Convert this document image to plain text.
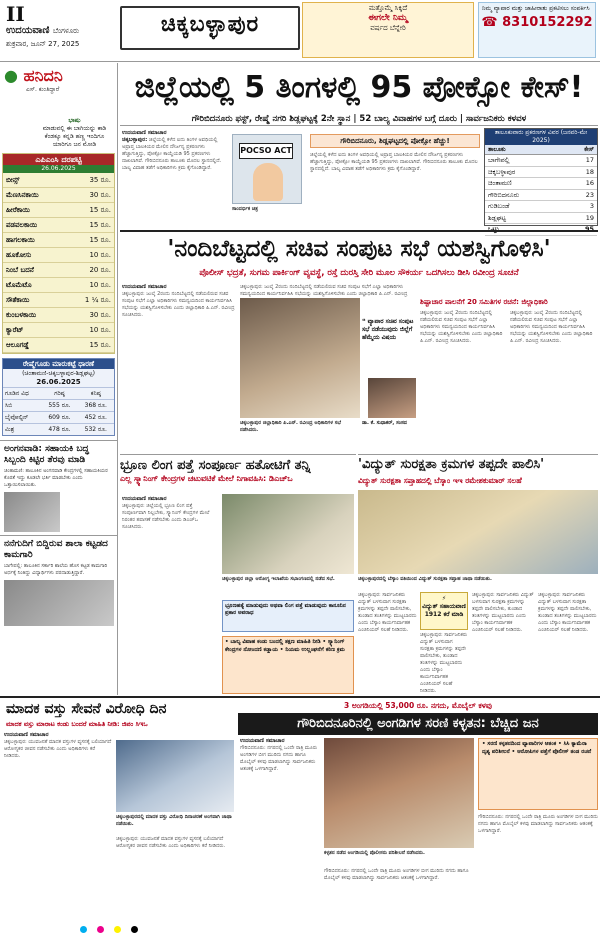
II
ಉದಯವಾಣಿ ಬೆಂಗಳೂರು
ಶುಕ್ರವಾರ, ಜೂನ್ 27, 2025
ಚಿಕ್ಕಬಳ್ಳಾಪುರ
ಮತ್ತೊಮ್ಮೆ ಸಿಕ್ಕಿದೆ
ಈಗಲೇ ನಿಮ್ಮ
ವರ್ಷದ ಬೆನ್ನೇರಿ
ನಿಮ್ಮ ವ್ಯಾಪಾರ ಮತ್ತು ಜಾಹೀರಾತು ಪ್ರಕಟಿಸಲು ಸಂಪರ್ಕಿಸಿ
☎ 8310152292
● ಹನಿದನಿ
ಎಸ್. ಕುಂತಿದ್ದಾರೆ
ಭಾಷು
ಮಾಡುವಲ್ಲಿ ಈ ಬಾಗಿಯನ್ನು ಕಾಡಿ ಕೆಂಡಕ್ಕೂ ಕನ್ನಡಿ ಹಣ್ಣ ಇಂದಿಗೂ ಯಾರಿಗೂ ಜನ ಮೋಡಿ
ಎಪಿಎಂಸಿ ದರಪಟ್ಟಿ
26.06.2025
ಬೀನ್ಸ್	35 ರೂ.
ಮೆಣಸಿನಕಾಯಿ	30 ರೂ.
ಹೀರೆಕಾಯಿ	15 ರೂ.
ಪಡವಲಕಾಯಿ	15 ರೂ.
ಹಾಗಲಕಾಯಿ	15 ರೂ.
ಹೂಕೋಸು	10 ರೂ.
ನಿಂಬೆ ಬದನೆ	20 ರೂ.
ಟೊಮೆಟೊ	10 ರೂ.
ಸೌತೆಕಾಯಿ	1 ¼ ರೂ.
ಕುಂಬಳಕಾಯಿ	30 ರೂ.
ಕ್ಯಾರೆಟ್	10 ರೂ.
ಆಲೂಗಡ್ಡೆ	15 ರೂ.
ರೇಷ್ಮೆಗೂಡು ಮಾರುಕಟ್ಟೆ ಧಾರಣೆ
(ಚಿಂತಾಮಣಿ-ಚಿಕ್ಕಬಳ್ಳಾಪುರ-ಶಿಡ್ಲಘಟ್ಟ)
26.06.2025
ಗೂಡಿನ ವಿಧ	ಗರಿಷ್ಠ	ಕನಿಷ್ಠ
ಸಿಬಿ	555 ರೂ.	368 ರೂ.
ಬೈವೋಲ್ಟಿನ್	609 ರೂ.	452 ರೂ.
ಮಿಶ್ರ	478 ರೂ.	532 ರೂ.
ಅಂಗನವಾಡಿ: ಸಹಾಯಕಿ ಬದ್ಧ ಸಿಬ್ಬಂದಿ ಕಿಟ್ಟಿರ ತೆರವು ಮಾಡಿ
ಚಿಂತಾಮಣಿ: ತಾಲೂಕಿನ ಅಂಗನವಾಡಿ ಕೇಂದ್ರಗಳಲ್ಲಿ ಸಹಾಯಕಿಯರ ಕೊರತೆ ಇದ್ದು ಕೂಡಲೇ ಭರ್ತಿ ಮಾಡಬೇಕು ಎಂದು ಒತ್ತಾಯಿಸಲಾಯಿತು.
ನನೆಗುದಿಗೆ ಬಿದ್ದಿರುವ ಶಾಲಾ ಕಟ್ಟಡದ ಕಾಮಗಾರಿ
ಬಾಗೇಪಲ್ಲಿ: ತಾಲೂಕಿನ ಸರ್ಕಾರಿ ಶಾಲೆಯ ಹೊಸ ಕಟ್ಟಡ ಕಾಮಗಾರಿ ಅರ್ಧಕ್ಕೆ ನಿಂತಿದ್ದು ವಿದ್ಯಾರ್ಥಿಗಳು ಪರದಾಡುತ್ತಿದ್ದಾರೆ.
ಜಿಲ್ಲೆಯಲ್ಲಿ 5 ತಿಂಗಳಲ್ಲಿ 95 ಪೋಕ್ಸೋ ಕೇಸ್!
ಗೌರಿಬಿದನೂರು ಫಸ್ಟ್, ರೇಷ್ಮೆ ನಗರಿ ಶಿಡ್ಲಘಟ್ಟಕ್ಕೆ 2ನೇ ಸ್ಥಾನ | 52 ಬಾಲ್ಯ ವಿವಾಹಗಳ ಬಗ್ಗೆ ದೂರು | ಸಾರ್ವಜನಿಕರು ಕಳವಳ
ಉದಯವಾಣಿ ಸಮಾಚಾರ
ಚಿಕ್ಕಬಳ್ಳಾಪುರ: ಜಿಲ್ಲೆಯಲ್ಲಿ ಕಳೆದ ಐದು ತಿಂಗಳ ಅವಧಿಯಲ್ಲಿ ಅಪ್ರಾಪ್ತ ಬಾಲಕಿಯರ ಮೇಲಿನ ದೌರ್ಜನ್ಯ ಪ್ರಕರಣಗಳು ಹೆಚ್ಚಾಗುತ್ತಿದ್ದು, ಪೋಕ್ಸೋ ಕಾಯ್ದೆಯಡಿ 95 ಪ್ರಕರಣಗಳು ದಾಖಲಾಗಿವೆ. ಗೌರಿಬಿದನೂರು ತಾಲೂಕು ಮೊದಲ ಸ್ಥಾನದಲ್ಲಿದೆ. ಬಾಲ್ಯ ವಿವಾಹ ತಡೆಗೆ ಅಧಿಕಾರಿಗಳು ಕ್ರಮ ಕೈಗೊಂಡಿದ್ದಾರೆ.
POCSO ACT
ಸಾಂದರ್ಭಿಕ ಚಿತ್ರ
ಗೌರಿಬಿದನೂರು, ಶಿಡ್ಲಘಟ್ಟದಲ್ಲಿ ಪೋಕ್ಸೋ ಹೆಚ್ಚು!
ಜಿಲ್ಲೆಯಲ್ಲಿ ಕಳೆದ ಐದು ತಿಂಗಳ ಅವಧಿಯಲ್ಲಿ ಅಪ್ರಾಪ್ತ ಬಾಲಕಿಯರ ಮೇಲಿನ ದೌರ್ಜನ್ಯ ಪ್ರಕರಣಗಳು ಹೆಚ್ಚಾಗುತ್ತಿದ್ದು, ಪೋಕ್ಸೋ ಕಾಯ್ದೆಯಡಿ 95 ಪ್ರಕರಣಗಳು ದಾಖಲಾಗಿವೆ. ಗೌರಿಬಿದನೂರು ತಾಲೂಕು ಮೊದಲ ಸ್ಥಾನದಲ್ಲಿದೆ. ಬಾಲ್ಯ ವಿವಾಹ ತಡೆಗೆ ಅಧಿಕಾರಿಗಳು ಕ್ರಮ ಕೈಗೊಂಡಿದ್ದಾರೆ.
ತಾಲೂಕುವಾರು ಪ್ರಕರಣಗಳ ವಿವರ (ಜನವರಿ-ಮೇ 2025)
ತಾಲೂಕು	ಕೇಸ್
ಬಾಗೇಪಲ್ಲಿ	17
ಚಿಕ್ಕಬಳ್ಳಾಪುರ	18
ಚಿಂತಾಮಣಿ	16
ಗೌರಿಬಿದನೂರು	23
ಗುಡಿಬಂಡೆ	3
ಶಿಡ್ಲಘಟ್ಟ	19
ಒಟ್ಟು	95
'ನಂದಿಬೆಟ್ಟದಲ್ಲಿ ಸಚಿವ ಸಂಪುಟ ಸಭೆ ಯಶಸ್ವಿಗೊಳಿಸಿ'
ಪೊಲೀಸ್ ಭದ್ರತೆ, ಸುಗಮ ಪಾರ್ಕಿಂಗ್ ವ್ಯವಸ್ಥೆ, ರಸ್ತೆ ದುರಸ್ತಿ ಸೇರಿ ಮೂಲ ಸೌಕರ್ಯ ಒದಗಿಸಲು ಡೀಸಿ ರವೀಂದ್ರ ಸೂಚನೆ
ಉದಯವಾಣಿ ಸಮಾಚಾರ
ಚಿಕ್ಕಬಳ್ಳಾಪುರ: ಜುಲೈ 2ರಂದು ನಂದಿಬೆಟ್ಟದಲ್ಲಿ ನಡೆಯಲಿರುವ ಸಚಿವ ಸಂಪುಟ ಸಭೆಗೆ ಎಲ್ಲಾ ಅಧಿಕಾರಿಗಳು ಸಮನ್ವಯದಿಂದ ಕಾರ್ಯನಿರ್ವಹಿಸಿ ಸಭೆಯನ್ನು ಯಶಸ್ವಿಗೊಳಿಸಬೇಕು ಎಂದು ಜಿಲ್ಲಾಧಿಕಾರಿ ಪಿ.ಎನ್. ರವೀಂದ್ರ ಸೂಚಿಸಿದರು.
ಚಿಕ್ಕಬಳ್ಳಾಪುರ: ಜುಲೈ 2ರಂದು ನಂದಿಬೆಟ್ಟದಲ್ಲಿ ನಡೆಯಲಿರುವ ಸಚಿವ ಸಂಪುಟ ಸಭೆಗೆ ಎಲ್ಲಾ ಅಧಿಕಾರಿಗಳು ಸಮನ್ವಯದಿಂದ ಕಾರ್ಯನಿರ್ವಹಿಸಿ ಸಭೆಯನ್ನು ಯಶಸ್ವಿಗೊಳಿಸಬೇಕು ಎಂದು ಜಿಲ್ಲಾಧಿಕಾರಿ ಪಿ.ಎನ್. ರವೀಂದ್ರ
ಚಿಕ್ಕಬಳ್ಳಾಪುರ ಜಿಲ್ಲಾಧಿಕಾರಿ ಪಿ.ಎನ್. ರವೀಂದ್ರ ಅಧಿಕಾರಿಗಳ ಸಭೆ ನಡೆಸಿದರು.
❝ ವ್ಯಾಪಾರ ಸಚಿವ ಸಂಪುಟ ಸಭೆ ನಡೆಯುವುದು ಜಿಲ್ಲೆಗೆ ಹೆಮ್ಮೆಯ ವಿಷಯ
ಡಾ. ಕೆ. ಸುಧಾಕರ್, ಸಂಸದ
ಶಿಷ್ಟಾಚಾರ ಪಾಲನೆಗೆ 20 ಸಮಿತಿಗಳ ರಚನೆ: ಜಿಲ್ಲಾಧಿಕಾರಿ
ಚಿಕ್ಕಬಳ್ಳಾಪುರ: ಜುಲೈ 2ರಂದು ನಂದಿಬೆಟ್ಟದಲ್ಲಿ ನಡೆಯಲಿರುವ ಸಚಿವ ಸಂಪುಟ ಸಭೆಗೆ ಎಲ್ಲಾ ಅಧಿಕಾರಿಗಳು ಸಮನ್ವಯದಿಂದ ಕಾರ್ಯನಿರ್ವಹಿಸಿ ಸಭೆಯನ್ನು ಯಶಸ್ವಿಗೊಳಿಸಬೇಕು ಎಂದು ಜಿಲ್ಲಾಧಿಕಾರಿ ಪಿ.ಎನ್. ರವೀಂದ್ರ ಸೂಚಿಸಿದರು.
ಚಿಕ್ಕಬಳ್ಳಾಪುರ: ಜುಲೈ 2ರಂದು ನಂದಿಬೆಟ್ಟದಲ್ಲಿ ನಡೆಯಲಿರುವ ಸಚಿವ ಸಂಪುಟ ಸಭೆಗೆ ಎಲ್ಲಾ ಅಧಿಕಾರಿಗಳು ಸಮನ್ವಯದಿಂದ ಕಾರ್ಯನಿರ್ವಹಿಸಿ ಸಭೆಯನ್ನು ಯಶಸ್ವಿಗೊಳಿಸಬೇಕು ಎಂದು ಜಿಲ್ಲಾಧಿಕಾರಿ ಪಿ.ಎನ್. ರವೀಂದ್ರ ಸೂಚಿಸಿದರು.
ಭ್ರೂಣ ಲಿಂಗ ಪತ್ತೆ ಸಂಪೂರ್ಣ ಹತೋಟಿಗೆ ತನ್ನಿ
ಎಲ್ಲ ಸ್ಕ್ಯಾನಿಂಗ್ ಕೇಂದ್ರಗಳ ಚಟುವಟಿಕೆ ಮೇಲೆ ನಿಗಾವಹಿಸಿ: ಡಿಎಚ್ಒ
ಉದಯವಾಣಿ ಸಮಾಚಾರ
ಚಿಕ್ಕಬಳ್ಳಾಪುರ: ಜಿಲ್ಲೆಯಲ್ಲಿ ಭ್ರೂಣ ಲಿಂಗ ಪತ್ತೆ ಸಂಪೂರ್ಣವಾಗಿ ನಿಲ್ಲಬೇಕು, ಸ್ಕ್ಯಾನಿಂಗ್ ಕೇಂದ್ರಗಳ ಮೇಲೆ ನಿರಂತರ ತಪಾಸಣೆ ನಡೆಸಬೇಕು ಎಂದು ಡಿಎಚ್ಒ ಸೂಚಿಸಿದರು.
ಚಿಕ್ಕಬಳ್ಳಾಪುರ ಜಿಲ್ಲಾ ಆರೋಗ್ಯ ಇಲಾಖೆಯ ಸಭಾಂಗಣದಲ್ಲಿ ನಡೆದ ಸಭೆ.
ಭ್ರೂಣಹತ್ಯೆ ಮಾಡುವುದು ಅಥವಾ ಲಿಂಗ ಪತ್ತೆ ಮಾಡುವುದು ಕಾನೂನಿನ ಪ್ರಕಾರ ಅಪರಾಧ
• ಬಾಲ್ಯ ವಿವಾಹ ಕಂಡು ಬಂದಲ್ಲಿ ತಕ್ಷಣ ಮಾಹಿತಿ ನೀಡಿ • ಸ್ಕ್ಯಾನಿಂಗ್ ಕೇಂದ್ರಗಳ ನೋಂದಣಿ ಕಡ್ಡಾಯ • ನಿಯಮ ಉಲ್ಲಂಘನೆಗೆ ಕಠಿಣ ಕ್ರಮ
'ವಿದ್ಯುತ್ ಸುರಕ್ಷತಾ ಕ್ರಮಗಳ ತಪ್ಪದೇ ಪಾಲಿಸಿ'
ವಿದ್ಯುತ್ ಸುರಕ್ಷತಾ ಸಪ್ತಾಹದಲ್ಲಿ ಬೆಸ್ಕಾಂ ಇಇ ರಮೇಶಕುಮಾರ್ ಸಲಹೆ
ಚಿಕ್ಕಬಳ್ಳಾಪುರದಲ್ಲಿ ಬೆಸ್ಕಾಂ ವತಿಯಿಂದ ವಿದ್ಯುತ್ ಸುರಕ್ಷತಾ ಸಪ್ತಾಹ ಜಾಥಾ ನಡೆಯಿತು.
ಚಿಕ್ಕಬಳ್ಳಾಪುರ: ಸಾರ್ವಜನಿಕರು ವಿದ್ಯುತ್ ಬಳಸುವಾಗ ಸುರಕ್ಷತಾ ಕ್ರಮಗಳನ್ನು ತಪ್ಪದೇ ಪಾಲಿಸಬೇಕು, ತುಂಡಾದ ತಂತಿಗಳನ್ನು ಮುಟ್ಟಬಾರದು ಎಂದು ಬೆಸ್ಕಾಂ ಕಾರ್ಯನಿರ್ವಾಹಕ ಎಂಜಿನಿಯರ್ ಸಲಹೆ ನೀಡಿದರು.
⚡
ವಿದ್ಯುತ್ ಸಹಾಯವಾಣಿ 1912 ಕರೆ ಮಾಡಿ
ಚಿಕ್ಕಬಳ್ಳಾಪುರ: ಸಾರ್ವಜನಿಕರು ವಿದ್ಯುತ್ ಬಳಸುವಾಗ ಸುರಕ್ಷತಾ ಕ್ರಮಗಳನ್ನು ತಪ್ಪದೇ ಪಾಲಿಸಬೇಕು, ತುಂಡಾದ ತಂತಿಗಳನ್ನು ಮುಟ್ಟಬಾರದು ಎಂದು ಬೆಸ್ಕಾಂ ಕಾರ್ಯನಿರ್ವಾಹಕ ಎಂಜಿನಿಯರ್ ಸಲಹೆ ನೀಡಿದರು.
ಚಿಕ್ಕಬಳ್ಳಾಪುರ: ಸಾರ್ವಜನಿಕರು ವಿದ್ಯುತ್ ಬಳಸುವಾಗ ಸುರಕ್ಷತಾ ಕ್ರಮಗಳನ್ನು ತಪ್ಪದೇ ಪಾಲಿಸಬೇಕು, ತುಂಡಾದ ತಂತಿಗಳನ್ನು ಮುಟ್ಟಬಾರದು ಎಂದು ಬೆಸ್ಕಾಂ ಕಾರ್ಯನಿರ್ವಾಹಕ ಎಂಜಿನಿಯರ್ ಸಲಹೆ ನೀಡಿದರು.
ಚಿಕ್ಕಬಳ್ಳಾಪುರ: ಸಾರ್ವಜನಿಕರು ವಿದ್ಯುತ್ ಬಳಸುವಾಗ ಸುರಕ್ಷತಾ ಕ್ರಮಗಳನ್ನು ತಪ್ಪದೇ ಪಾಲಿಸಬೇಕು, ತುಂಡಾದ ತಂತಿಗಳನ್ನು ಮುಟ್ಟಬಾರದು ಎಂದು ಬೆಸ್ಕಾಂ ಕಾರ್ಯನಿರ್ವಾಹಕ ಎಂಜಿನಿಯರ್ ಸಲಹೆ ನೀಡಿದರು.
ಮಾದಕ ವಸ್ತು ಸೇವನೆ ವಿರೋಧಿ ದಿನ
ಮಾದಕ ವಸ್ತು ಮಾರಾಟ ಕಂಡು ಬಂದರೆ ಮಾಹಿತಿ ನೀಡಿ: ಜಿಪಂ ಸಿಇಒ
ಉದಯವಾಣಿ ಸಮಾಚಾರ
ಚಿಕ್ಕಬಳ್ಳಾಪುರ: ಯುವಜನತೆ ಮಾದಕ ವಸ್ತುಗಳ ವ್ಯಸನಕ್ಕೆ ಬಲಿಯಾಗದೆ ಆರೋಗ್ಯಕರ ಜೀವನ ನಡೆಸಬೇಕು ಎಂದು ಅಧಿಕಾರಿಗಳು ಕರೆ ನೀಡಿದರು.
ಚಿಕ್ಕಬಳ್ಳಾಪುರದಲ್ಲಿ ಮಾದಕ ವಸ್ತು ವಿರೋಧಿ ದಿನಾಚರಣೆ ಅಂಗವಾಗಿ ಜಾಥಾ ನಡೆಯಿತು.
ಚಿಕ್ಕಬಳ್ಳಾಪುರ: ಯುವಜನತೆ ಮಾದಕ ವಸ್ತುಗಳ ವ್ಯಸನಕ್ಕೆ ಬಲಿಯಾಗದೆ ಆರೋಗ್ಯಕರ ಜೀವನ ನಡೆಸಬೇಕು ಎಂದು ಅಧಿಕಾರಿಗಳು ಕರೆ ನೀಡಿದರು.
3 ಅಂಗಡಿಯಲ್ಲಿ 53,000 ರೂ. ನಗದು, ಮೊಬೈಲ್ ಕಳವು
ಗೌರಿಬಿದನೂರಿನಲ್ಲಿ ಅಂಗಡಿಗಳ ಸರಣಿ ಕಳ್ಳತನ: ಬೆಚ್ಚಿದ ಜನ
ಉದಯವಾಣಿ ಸಮಾಚಾರ
ಗೌರಿಬಿದನೂರು: ನಗರದಲ್ಲಿ ಒಂದೇ ರಾತ್ರಿ ಮೂರು ಅಂಗಡಿಗಳ ಬೀಗ ಮುರಿದು ನಗದು ಹಾಗೂ ಮೊಬೈಲ್ ಕಳವು ಮಾಡಲಾಗಿದ್ದು ಸಾರ್ವಜನಿಕರು ಆತಂಕಕ್ಕೆ ಒಳಗಾಗಿದ್ದಾರೆ.
ಕಳ್ಳತನ ನಡೆದ ಅಂಗಡಿಯಲ್ಲಿ ಪೊಲೀಸರು ಪರಿಶೀಲನೆ ನಡೆಸಿದರು.
ಗೌರಿಬಿದನೂರು: ನಗರದಲ್ಲಿ ಒಂದೇ ರಾತ್ರಿ ಮೂರು ಅಂಗಡಿಗಳ ಬೀಗ ಮುರಿದು ನಗದು ಹಾಗೂ ಮೊಬೈಲ್ ಕಳವು ಮಾಡಲಾಗಿದ್ದು ಸಾರ್ವಜನಿಕರು ಆತಂಕಕ್ಕೆ ಒಳಗಾಗಿದ್ದಾರೆ.
• ಸರಣಿ ಕಳ್ಳತನದಿಂದ ವ್ಯಾಪಾರಿಗಳ ಆತಂಕ • ಸಿಸಿ ಕ್ಯಾಮೆರಾ ದೃಶ್ಯ ಪರಿಶೀಲನೆ • ಆರೋಪಿಗಳ ಪತ್ತೆಗೆ ಪೊಲೀಸ್ ತಂಡ ರಚನೆ
ಗೌರಿಬಿದನೂರು: ನಗರದಲ್ಲಿ ಒಂದೇ ರಾತ್ರಿ ಮೂರು ಅಂಗಡಿಗಳ ಬೀಗ ಮುರಿದು ನಗದು ಹಾಗೂ ಮೊಬೈಲ್ ಕಳವು ಮಾಡಲಾಗಿದ್ದು ಸಾರ್ವಜನಿಕರು ಆತಂಕಕ್ಕೆ ಒಳಗಾಗಿದ್ದಾರೆ.
